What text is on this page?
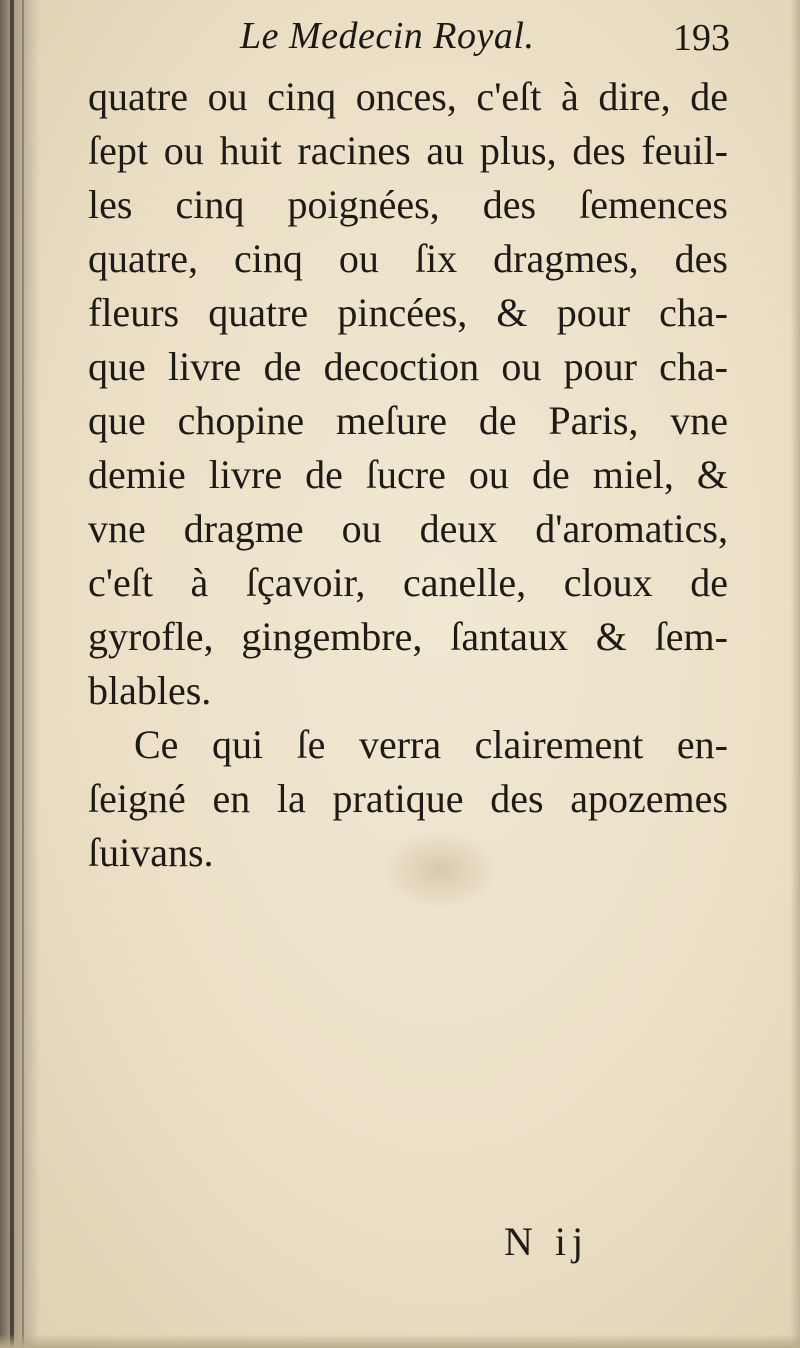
Le Medecin Royal.	193
quatre ou cinq onces, c'eſt à dire, de
ſept ou huit racines au plus, des feuil-
les cinq poignées, des ſemences
quatre, cinq ou ſix dragmes, des
fleurs quatre pincées, & pour cha-
que livre de decoction ou pour cha-
que chopine meſure de Paris, vne
demie livre de ſucre ou de miel, &
vne dragme ou deux d'aromatics,
c'eſt à ſçavoir, canelle, cloux de
gyrofle, gingembre, ſantaux & ſem-
blables.
Ce qui ſe verra clairement en-
ſeigné en la pratique des apozemes
ſuivans.
N ij
